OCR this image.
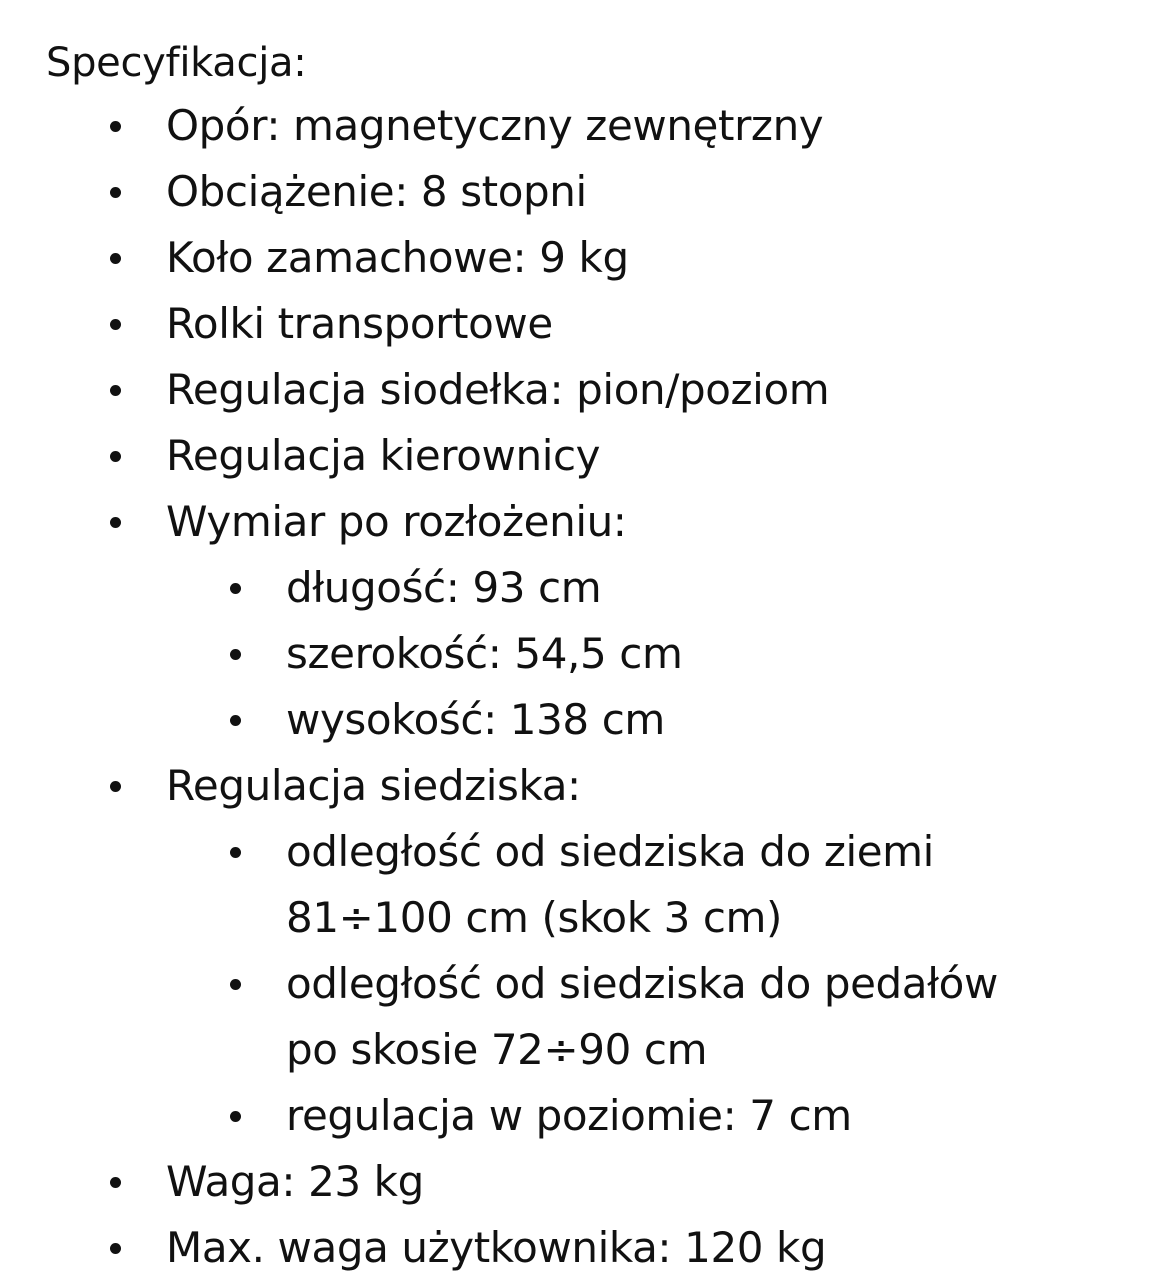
Specyfikacja:
Opór: magnetyczny zewnętrzny
Obciążenie: 8 stopni
Koło zamachowe: 9 kg
Rolki transportowe
Regulacja siodełka: pion/poziom
Regulacja kierownicy
Wymiar po rozłożeniu:
długość: 93 cm
szerokość: 54,5 cm
wysokość: 138 cm
Regulacja siedziska:
odległość od siedziska do ziemi
81÷100 cm (skok 3 cm)
odległość od siedziska do pedałów
po skosie 72÷90 cm
regulacja w poziomie: 7 cm
Waga: 23 kg
Max. waga użytkownika: 120 kg
